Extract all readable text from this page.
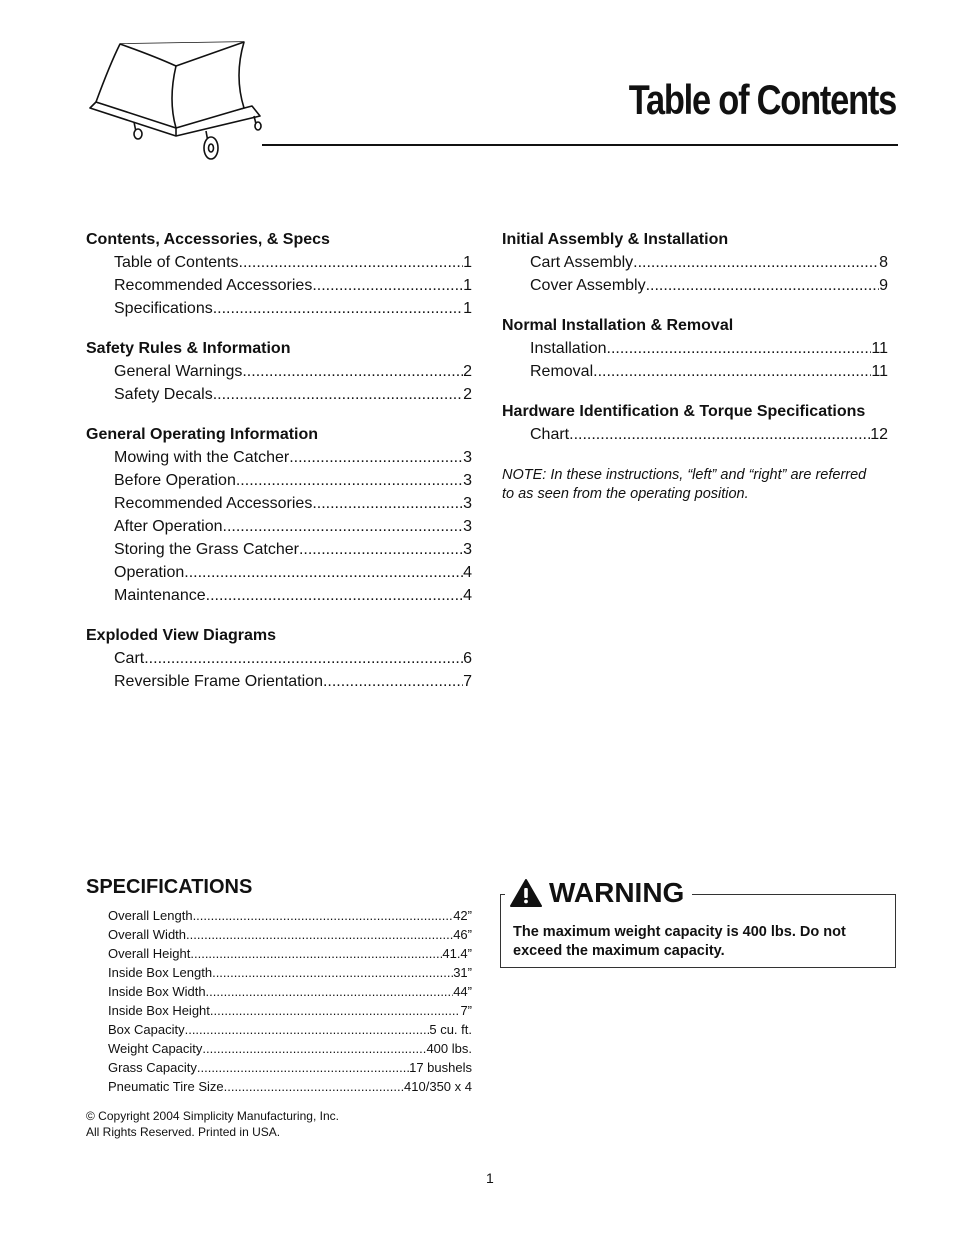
Table of Contents
Contents, Accessories, & Specs
Table of Contents .....	1
Recommended Accessories .....	1
Specifications .....	1
Safety Rules & Information
General Warnings .....	2
Safety Decals .....	2
General Operating Information
Mowing with the Catcher .....	3
Before Operation .....	3
Recommended Accessories .....	3
After Operation .....	3
Storing the Grass Catcher .....	3
Operation .....	4
Maintenance .....	4
Exploded View Diagrams
Cart .....	6
Reversible Frame Orientation .....	7
Initial Assembly & Installation
Cart Assembly .....	8
Cover Assembly .....	9
Normal Installation & Removal
Installation .....	11
Removal .....	11
Hardware Identification & Torque Specifications
Chart .....	12
NOTE: In these instructions, “left” and “right” are referred to as seen from the operating position.
SPECIFICATIONS
Overall Length .....	42”
Overall Width .....	46”
Overall Height .....	41.4”
Inside Box Length .....	31”
Inside Box Width .....	44”
Inside Box Height .....	7”
Box Capacity .....	5 cu. ft.
Weight Capacity .....	400 lbs.
Grass Capacity .....	17 bushels
Pneumatic Tire Size .....	410/350 x 4
© Copyright 2004 Simplicity Manufacturing, Inc.
All Rights Reserved. Printed in USA.
WARNING
The maximum weight capacity is 400 lbs. Do not exceed the maximum capacity.
1
